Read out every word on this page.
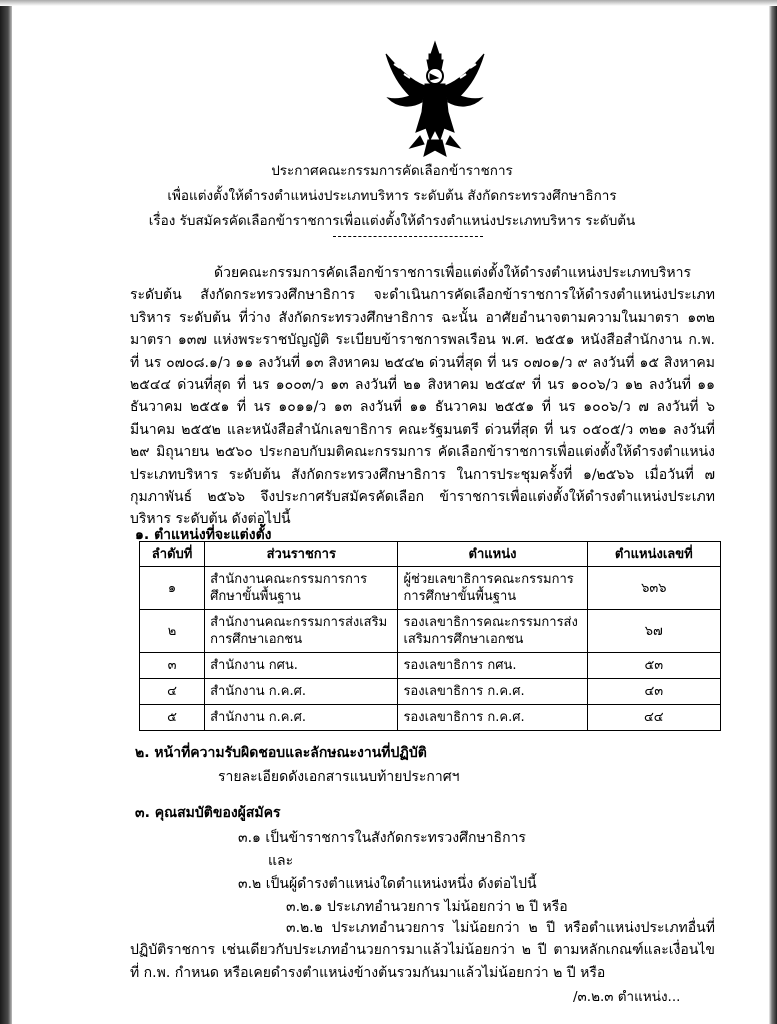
ประกาศคณะกรรมการคัดเลือกข้าราชการ
เพื่อแต่งตั้งให้ดำรงตำแหน่งประเภทบริหาร ระดับต้น สังกัดกระทรวงศึกษาธิการ
เรื่อง รับสมัครคัดเลือกข้าราชการเพื่อแต่งตั้งให้ดำรงตำแหน่งประเภทบริหาร ระดับต้น

ด้วยคณะกรรมการคัดเลือกข้าราชการเพื่อแต่งตั้งให้ดำรงตำแหน่งประเภทบริหาร ระดับต้น สังกัดกระทรวงศึกษาธิการ จะดำเนินการคัดเลือกข้าราชการให้ดำรงตำแหน่งประเภทบริหาร ระดับต้น ที่ว่าง สังกัดกระทรวงศึกษาธิการ ฉะนั้น อาศัยอำนาจตามความในมาตรา ๑๓๒ มาตรา ๑๓๗ แห่งพระราชบัญญัติ ระเบียบข้าราชการพลเรือน พ.ศ. ๒๕๕๑ หนังสือสำนักงาน ก.พ. ที่ นร ๐๗๐๘.๑/ว ๑๑ ลงวันที่ ๑๓ สิงหาคม ๒๕๔๒ ด่วนที่สุด ที่ นร ๐๗๐๑/ว ๙ ลงวันที่ ๑๕ สิงหาคม ๒๕๔๔ ด่วนที่สุด ที่ นร ๑๐๐๓/ว ๑๓ ลงวันที่ ๒๑ สิงหาคม ๒๕๔๙ ที่ นร ๑๐๐๖/ว ๑๒ ลงวันที่ ๑๑ ธันวาคม ๒๕๕๑ ที่ นร ๑๐๑๑/ว ๑๓ ลงวันที่ ๑๑ ธันวาคม ๒๕๕๑ ที่ นร ๑๐๐๖/ว ๗ ลงวันที่ ๖ มีนาคม ๒๕๕๒ และหนังสือสำนักเลขาธิการ คณะรัฐมนตรี ด่วนที่สุด ที่ นร ๐๕๐๕/ว ๓๒๑ ลงวันที่ ๒๙ มิถุนายน ๒๕๖๐ ประกอบกับมติคณะกรรมการ คัดเลือกข้าราชการเพื่อแต่งตั้งให้ดำรงตำแหน่งประเภทบริหาร ระดับต้น สังกัดกระทรวงศึกษาธิการ ในการประชุมครั้งที่ ๑/๒๕๖๖ เมื่อวันที่ ๗ กุมภาพันธ์ ๒๕๖๖ จึงประกาศรับสมัครคัดเลือก ข้าราชการเพื่อแต่งตั้งให้ดำรงตำแหน่งประเภทบริหาร ระดับต้น ดังต่อไปนี้

๑. ตำแหน่งที่จะแต่งตั้ง
ลำดับที่	ส่วนราชการ	ตำแหน่ง	ตำแหน่งเลขที่
๑	สำนักงานคณะกรรมการการศึกษาขั้นพื้นฐาน	ผู้ช่วยเลขาธิการคณะกรรมการการศึกษาขั้นพื้นฐาน	๖๓๖
๒	สำนักงานคณะกรรมการส่งเสริมการศึกษาเอกชน	รองเลขาธิการคณะกรรมการส่งเสริมการศึกษาเอกชน	๖๗
๓	สำนักงาน กศน.	รองเลขาธิการ กศน.	๕๓
๔	สำนักงาน ก.ค.ศ.	รองเลขาธิการ ก.ค.ศ.	๔๓
๕	สำนักงาน ก.ค.ศ.	รองเลขาธิการ ก.ค.ศ.	๔๔
๒. หน้าที่ความรับผิดชอบและลักษณะงานที่ปฏิบัติ
รายละเอียดดังเอกสารแนบท้ายประกาศฯ
๓. คุณสมบัติของผู้สมัคร
๓.๑ เป็นข้าราชการในสังกัดกระทรวงศึกษาธิการ
และ
๓.๒ เป็นผู้ดำรงตำแหน่งใดตำแหน่งหนึ่ง ดังต่อไปนี้
๓.๒.๑ ประเภทอำนวยการ ไม่น้อยกว่า ๒ ปี หรือ

๓.๒.๒ ประเภทอำนวยการ ไม่น้อยกว่า ๒ ปี หรือตำแหน่งประเภทอื่นที่ปฏิบัติราชการ เช่นเดียวกับประเภทอำนวยการมาแล้วไม่น้อยกว่า ๒ ปี ตามหลักเกณฑ์และเงื่อนไขที่ ก.พ. กำหนด หรือเคยดำรงตำแหน่งข้างต้นรวมกันมาแล้วไม่น้อยกว่า ๒ ปี หรือ

/๓.๒.๓ ตำแหน่ง...
